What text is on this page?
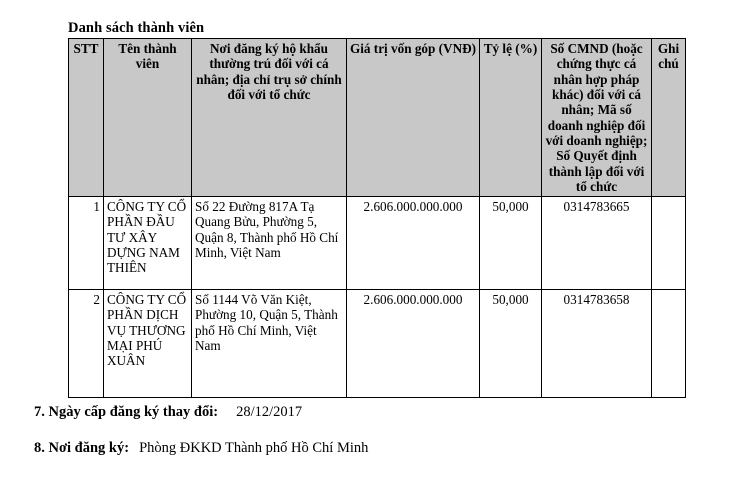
Danh sách thành viên
STT	Tên thành viên	Nơi đăng ký hộ khẩu thường trú đối với cá nhân; địa chỉ trụ sở chính đối với tổ chức	Giá trị vốn góp (VNĐ)	Tỷ lệ (%)	Số CMND (hoặc chứng thực cá nhân hợp pháp khác) đối với cá nhân; Mã số doanh nghiệp đối với doanh nghiệp; Số Quyết định thành lập đối với tổ chức	Ghi chú
1	CÔNG TY CỔ PHẦN ĐẦU TƯ XÂY DỰNG NAM THIÊN	Số 22 Đường 817A Tạ Quang Bửu, Phường 5, Quận 8, Thành phố Hồ Chí Minh, Việt Nam	2.606.000.000.000	50,000	0314783665	
2	CÔNG TY CỔ PHẦN DỊCH VỤ THƯƠNG MẠI PHÚ XUÂN	Số 1144 Võ Văn Kiệt, Phường 10, Quận 5, Thành phố Hồ Chí Minh, Việt Nam	2.606.000.000.000	50,000	0314783658	
7. Ngày cấp đăng ký thay đổi: 28/12/2017
8. Nơi đăng ký: Phòng ĐKKD Thành phố Hồ Chí Minh
